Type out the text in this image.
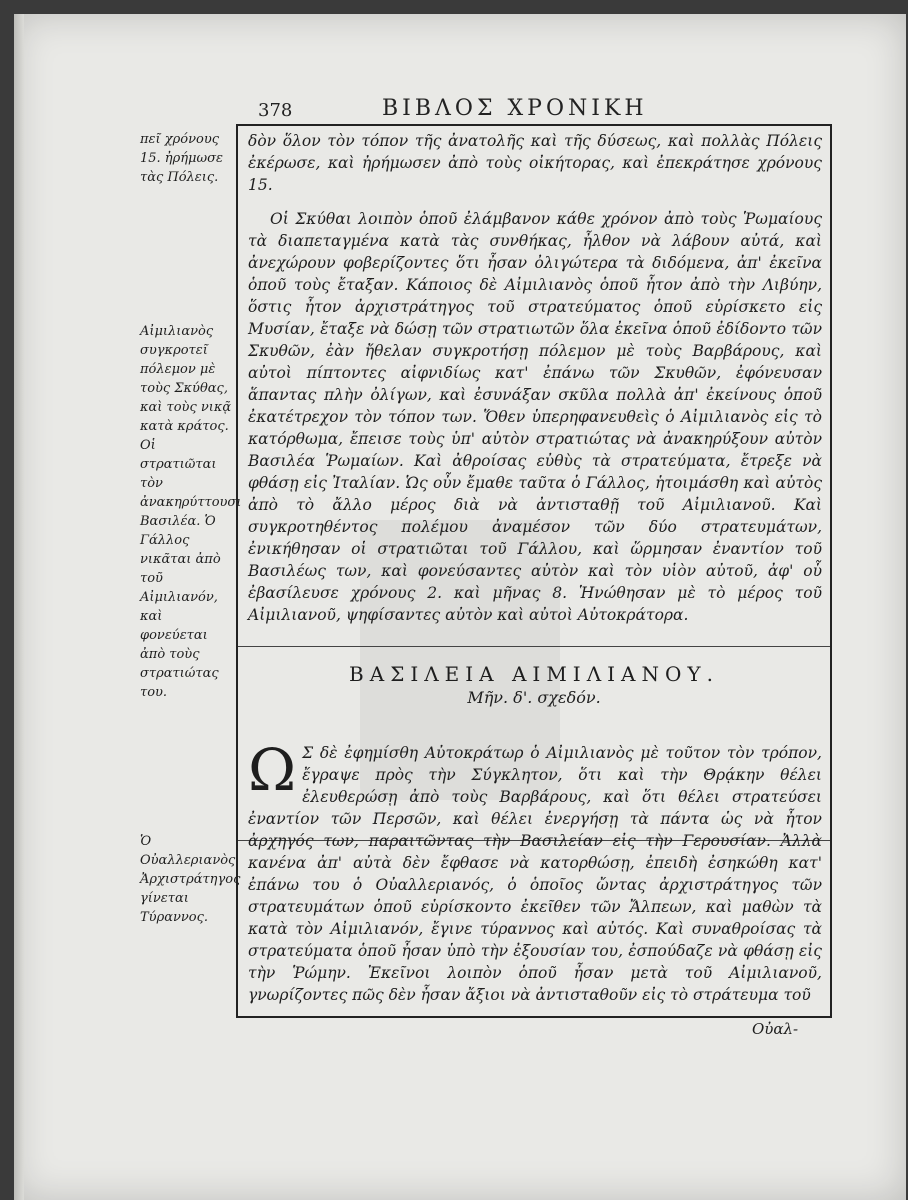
378	ΒΙΒΛΟΣ ΧΡΟΝΙΚΗ
δὸν ὅλον τὸν τόπον τῆς ἀνατολῆς καὶ τῆς δύσεως, καὶ πολλὰς Πόλεις ἐκέρωσε, καὶ ἠρήμωσεν ἀπὸ τοὺς οἰκήτορας, καὶ ἐπεκράτησε χρόνους 15.
Οἱ Σκύθαι λοιπὸν ὁποῦ ἐλάμβανον κάθε χρόνον ἀπὸ τοὺς Ῥωμαίους τὰ διαπεταγμένα κατὰ τὰς συνθήκας, ἦλθον νὰ λάβουν αὐτά, καὶ ἀνεχώρουν φοβερίζοντες ὅτι ἦσαν ὀλιγώτερα τὰ διδόμενα, ἀπ' ἐκεῖνα ὁποῦ τοὺς ἔταξαν. Κάποιος δὲ Αἰμιλιανὸς ὁποῦ ἦτον ἀπὸ τὴν Λιβύην, ὅστις ἦτον ἀρχιστράτηγος τοῦ στρατεύματος ὁποῦ εὑρίσκετο εἰς Μυσίαν, ἔταξε νὰ δώσῃ τῶν στρατιωτῶν ὅλα ἐκεῖνα ὁποῦ ἐδίδοντο τῶν Σκυθῶν, ἐὰν ἤθελαν συγκροτήσῃ πόλεμον μὲ τοὺς Βαρβάρους, καὶ αὐτοὶ πίπτοντες αἰφνιδίως κατ' ἐπάνω τῶν Σκυθῶν, ἐφόνευσαν ἅπαντας πλὴν ὀλίγων, καὶ ἐσυνάξαν σκῦλα πολλὰ ἀπ' ἐκείνους ὁποῦ ἐκατέτρεχον τὸν τόπον των. Ὅθεν ὑπερηφανευθεὶς ὁ Αἰμιλιανὸς εἰς τὸ κατόρθωμα, ἔπεισε τοὺς ὑπ' αὐτὸν στρατιώτας νὰ ἀνακηρύξουν αὐτὸν Βασιλέα Ῥωμαίων. Καὶ ἀθροίσας εὐθὺς τὰ στρατεύματα, ἔτρεξε νὰ φθάσῃ εἰς Ἰταλίαν. Ὡς οὖν ἔμαθε ταῦτα ὁ Γάλλος, ἡτοιμάσθη καὶ αὐτὸς ἀπὸ τὸ ἄλλο μέρος διὰ νὰ ἀντισταθῇ τοῦ Αἰμιλιανοῦ. Καὶ συγκροτηθέντος πολέμου ἀναμέσον τῶν δύο στρατευμάτων, ἐνικήθησαν οἱ στρατιῶται τοῦ Γάλλου, καὶ ὥρμησαν ἐναντίον τοῦ Βασιλέως των, καὶ φονεύσαντες αὐτὸν καὶ τὸν υἱὸν αὐτοῦ, ἀφ' οὗ ἐβασίλευσε χρόνους 2. καὶ μῆνας 8. Ἡνώθησαν μὲ τὸ μέρος τοῦ Αἰμιλιανοῦ, ψηφίσαντες αὐτὸν καὶ αὐτοὶ Αὐτοκράτορα.
ΒΑΣΙΛΕΙΑ ΑΙΜΙΛΙΑΝΟΥ.
Μῆν. δ'. σχεδόν.
Ω Σ δὲ ἐφημίσθη Αὐτοκράτωρ ὁ Αἰμιλιανὸς μὲ τοῦτον τὸν τρόπον, ἔγραψε πρὸς τὴν Σύγκλητον, ὅτι καὶ τὴν Θρᾴκην θέλει ἐλευθερώσῃ ἀπὸ τοὺς Βαρβάρους, καὶ ὅτι θέλει στρατεύσει ἐναντίον τῶν Περσῶν, καὶ θέλει ἐνεργήσῃ τὰ πάντα ὡς νὰ ἦτον ἀρχηγός των, παραιτῶντας τὴν Βασιλείαν εἰς τὴν Γερουσίαν. Ἀλλὰ κανένα ἀπ' αὐτὰ δὲν ἔφθασε νὰ κατορθώσῃ, ἐπειδὴ ἐσηκώθη κατ' ἐπάνω του ὁ Οὐαλλεριανός, ὁ ὁποῖος ὤντας ἀρχιστράτηγος τῶν στρατευμάτων ὁποῦ εὑρίσκοντο ἐκεῖθεν τῶν Ἄλπεων, καὶ μαθὼν τὰ κατὰ τὸν Αἰμιλιανόν, ἔγινε τύραννος καὶ αὐτός. Καὶ συναθροίσας τὰ στρατεύματα ὁποῦ ἦσαν ὑπὸ τὴν ἐξουσίαν του, ἐσπούδαζε νὰ φθάσῃ εἰς τὴν Ῥώμην. Ἐκεῖνοι λοιπὸν ὁποῦ ἦσαν μετὰ τοῦ Αἰμιλιανοῦ, γνωρίζοντες πῶς δὲν ἦσαν ἄξιοι νὰ ἀντισταθοῦν εἰς τὸ στράτευμα τοῦ
πεῖ χρόνους 15. ἠρήμωσε τὰς Πόλεις.
Αἰμιλιανὸς συγκροτεῖ πόλεμον μὲ τοὺς Σκύθας, καὶ τοὺς νικᾷ κατὰ κράτος. Οἱ στρατιῶται τὸν ἀνακηρύττουσι Βασιλέα. Ὁ Γάλλος νικᾶται ἀπὸ τοῦ Αἰμιλιανόν, καὶ φονεύεται ἀπὸ τοὺς στρατιώτας του.
Ὁ Οὐαλλεριανὸς Ἀρχιστράτηγος γίνεται Τύραννος.
Οὐαλ-
